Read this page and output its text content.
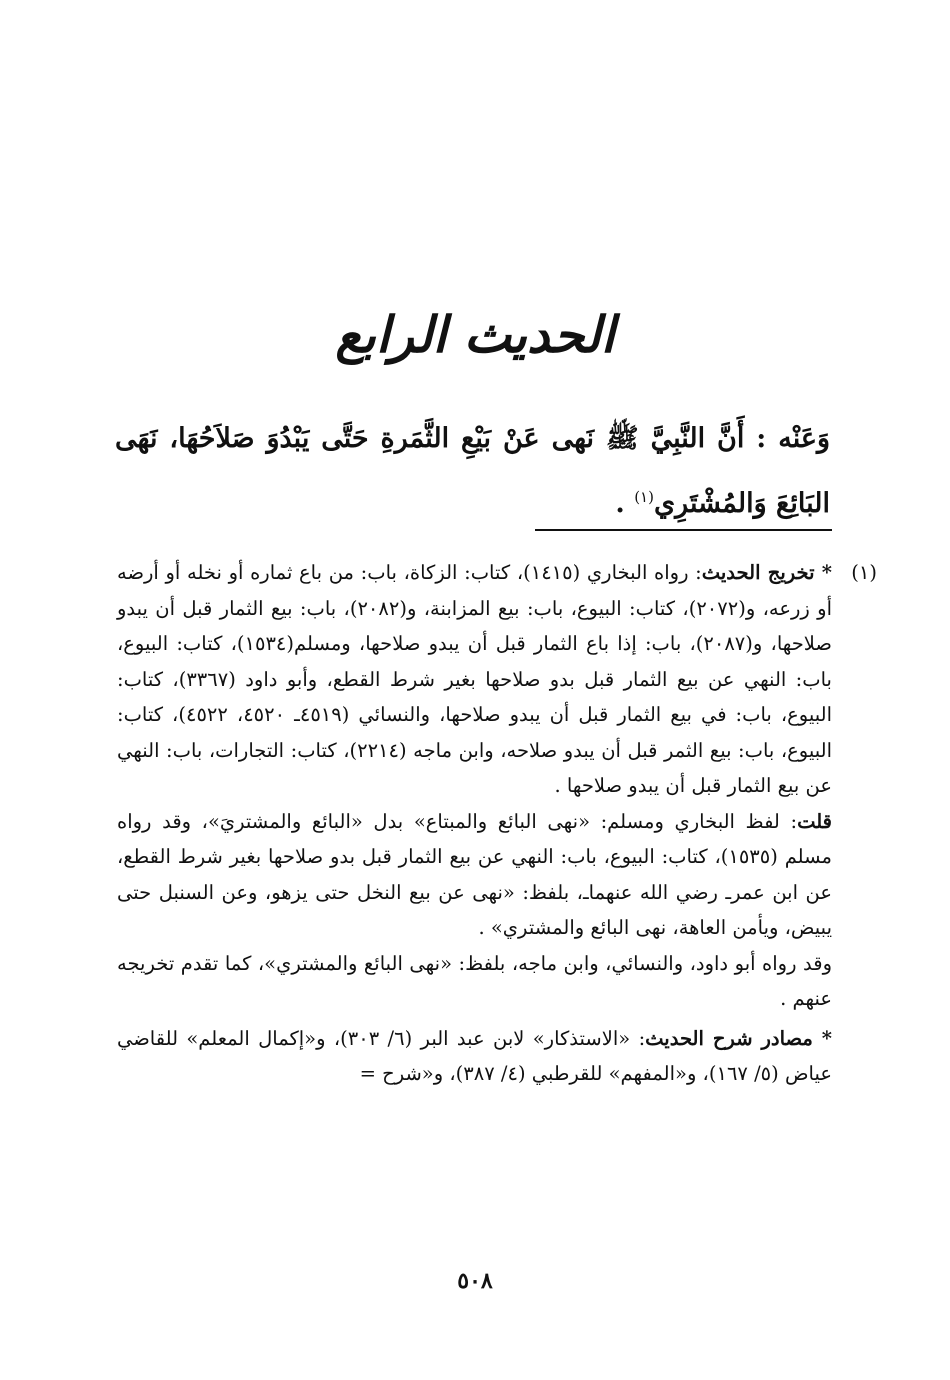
الحديث الرابع
وَعَنْه : أَنَّ النَّبِيَّ ﷺ نَهى عَنْ بَيْعِ الثَّمَرةِ حَتَّى يَبْدُوَ صَلاَحُهَا، نَهَى البَائِعَ وَالمُشْتَرِي$^{(١)}$ .

(١)
* تخريج الحديث: رواه البخاري (١٤١٥)، كتاب: الزكاة، باب: من باع ثماره أو نخله أو أرضه أو زرعه، و(٢٠٧٢)، كتاب: البيوع، باب: بيع المزابنة، و(٢٠٨٢)، باب: بيع الثمار قبل أن يبدو صلاحها، و(٢٠٨٧)، باب: إذا باع الثمار قبل أن يبدو صلاحها، ومسلم(١٥٣٤)، كتاب: البيوع، باب: النهي عن بيع الثمار قبل بدو صلاحها بغير شرط القطع، وأبو داود (٣٣٦٧)، كتاب: البيوع، باب: في بيع الثمار قبل أن يبدو صلاحها، والنسائي (٤٥١٩ـ ٤٥٢٠، ٤٥٢٢)، كتاب: البيوع، باب: بيع الثمر قبل أن يبدو صلاحه، وابن ماجه (٢٢١٤)، كتاب: التجارات، باب: النهي عن بيع الثمار قبل أن يبدو صلاحها .

قلت: لفظ البخاري ومسلم: «نهى البائع والمبتاع» بدل «البائع والمشتريَ»، وقد رواه مسلم (١٥٣٥)، كتاب: البيوع، باب: النهي عن بيع الثمار قبل بدو صلاحها بغير شرط القطع، عن ابن عمرـ رضي الله عنهماـ، بلفظ: «نهى عن بيع النخل حتى يزهو، وعن السنبل حتى يبيض، ويأمن العاهة، نهى البائع والمشتري» .

وقد رواه أبو داود، والنسائي، وابن ماجه، بلفظ: «نهى البائع والمشتري»، كما تقدم تخريجه عنهم .

* مصادر شرح الحديث: «الاستذكار» لابن عبد البر (٦/ ٣٠٣)، و«إكمال المعلم» للقاضي عياض (٥/ ١٦٧)، و«المفهم» للقرطبي (٤/ ٣٨٧)، و«شرح =

٥٠٨
